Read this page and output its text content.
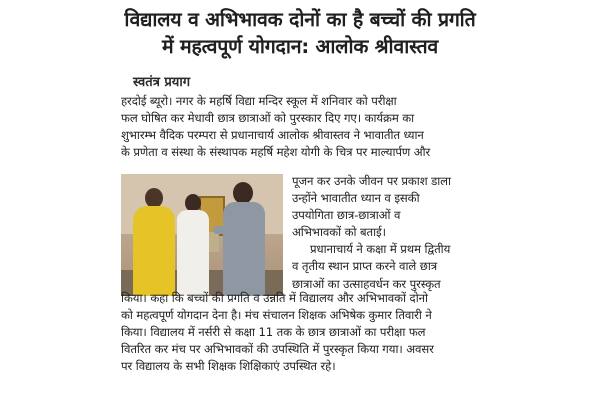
विद्यालय व अभिभावक दोनों का है बच्चों की प्रगति
में महत्वपूर्ण योगदान: आलोक श्रीवास्तव
स्वतंत्र प्रयाग
हरदोई ब्यूरो। नगर के महर्षि विद्या मन्दिर स्कूल में शनिवार को परीक्षा
फल घोषित कर मेधावी छात्र छात्राओं को पुरस्कार दिए गए। कार्यक्रम का
शुभारम्भ वैदिक परम्परा से प्रधानाचार्य आलोक श्रीवास्तव ने भावातीत ध्यान
के प्रणेता व संस्था के संस्थापक महर्षि महेश योगी के चित्र पर माल्यार्पण और
पूजन कर उनके जीवन पर प्रकाश डाला
उन्होंने भावातीत ध्यान व इसकी
उपयोगिता छात्र-छात्राओं व
अभिभावकों को बताई।
प्रधानाचार्य ने कक्षा में प्रथम द्वितीय
व तृतीय स्थान प्राप्त करने वाले छात्र
छात्राओं का उत्साहवर्धन कर पुरस्कृत
किया। कहा कि बच्चों की प्रगति व उन्नति में विद्यालय और अभिभावकों दोनो
को महत्वपूर्ण योगदान देना है। मंच संचालन शिक्षक अभिषेक कुमार तिवारी ने
किया। विद्यालय में नर्सरी से कक्षा 11 तक के छात्र छात्राओं का परीक्षा फल
वितरित कर मंच पर अभिभावकों की उपस्थिति में पुरस्कृत किया गया। अवसर
पर विद्यालय के सभी शिक्षक शिक्षिकाएं उपस्थित रहे।
